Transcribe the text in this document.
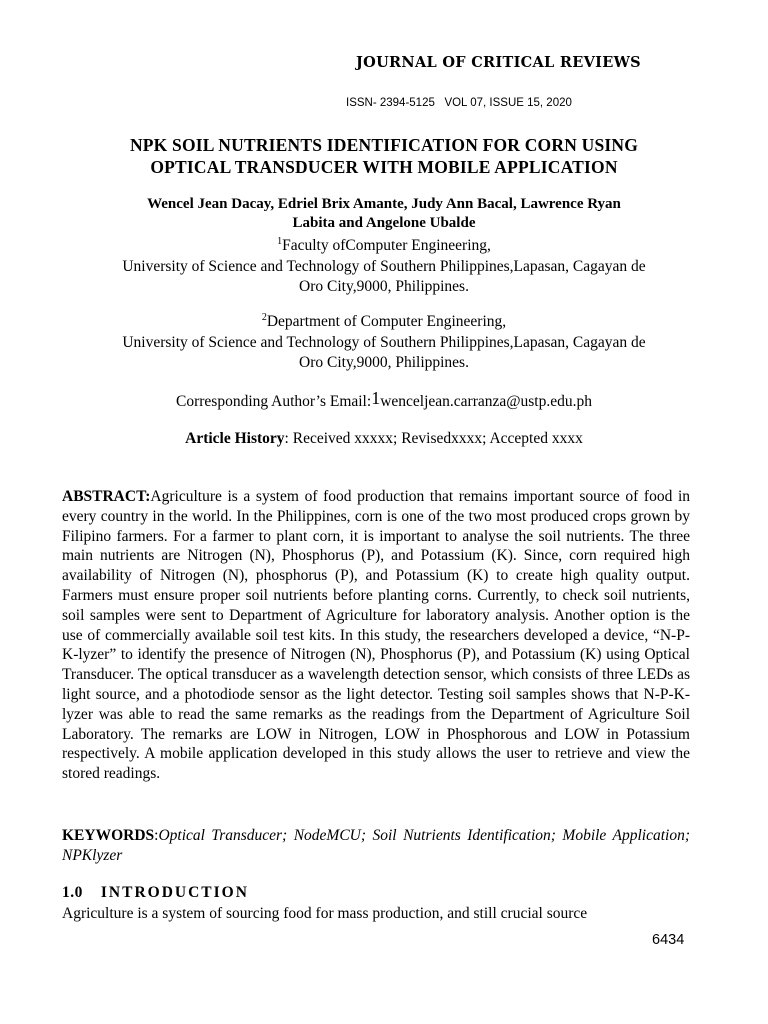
JOURNAL OF CRITICAL REVIEWS
ISSN- 2394-5125   VOL 07, ISSUE 15, 2020
NPK SOIL NUTRIENTS IDENTIFICATION FOR CORN USING
OPTICAL TRANSDUCER WITH MOBILE APPLICATION
Wencel Jean Dacay, Edriel Brix Amante, Judy Ann Bacal, Lawrence Ryan
Labita and Angelone Ubalde
$^1$Faculty ofComputer Engineering,
University of Science and Technology of Southern Philippines,Lapasan, Cagayan de
Oro City,9000, Philippines.
$^2$Department of Computer Engineering,
University of Science and Technology of Southern Philippines,Lapasan, Cagayan de
Oro City,9000, Philippines.
Corresponding Author’s Email:1wenceljean.carranza@ustp.edu.ph
Article History: Received xxxxx; Revisedxxxx; Accepted xxxx
ABSTRACT:Agriculture is a system of food production that remains important source of food in every country in the world. In the Philippines, corn is one of the two most produced crops grown by Filipino farmers. For a farmer to plant corn, it is important to analyse the soil nutrients. The three main nutrients are Nitrogen (N), Phosphorus (P), and Potassium (K). Since, corn required high availability of Nitrogen (N), phosphorus (P), and Potassium (K) to create high quality output. Farmers must ensure proper soil nutrients before planting corns. Currently, to check soil nutrients, soil samples were sent to Department of Agriculture for laboratory analysis. Another option is the use of commercially available soil test kits. In this study, the researchers developed a device, “N-P-K-lyzer” to identify the presence of Nitrogen (N), Phosphorus (P), and Potassium (K) using Optical Transducer. The optical transducer as a wavelength detection sensor, which consists of three LEDs as light source, and a photodiode sensor as the light detector. Testing soil samples shows that N-P-K-lyzer was able to read the same remarks as the readings from the Department of Agriculture Soil Laboratory. The remarks are LOW in Nitrogen, LOW in Phosphorous and LOW in Potassium respectively. A mobile application developed in this study allows the user to retrieve and view the stored readings.
KEYWORDS:Optical Transducer; NodeMCU; Soil Nutrients Identification; Mobile Application; NPKlyzer
1.0 INTRODUCTION
Agriculture is a system of sourcing food for mass production, and still crucial source
6434
